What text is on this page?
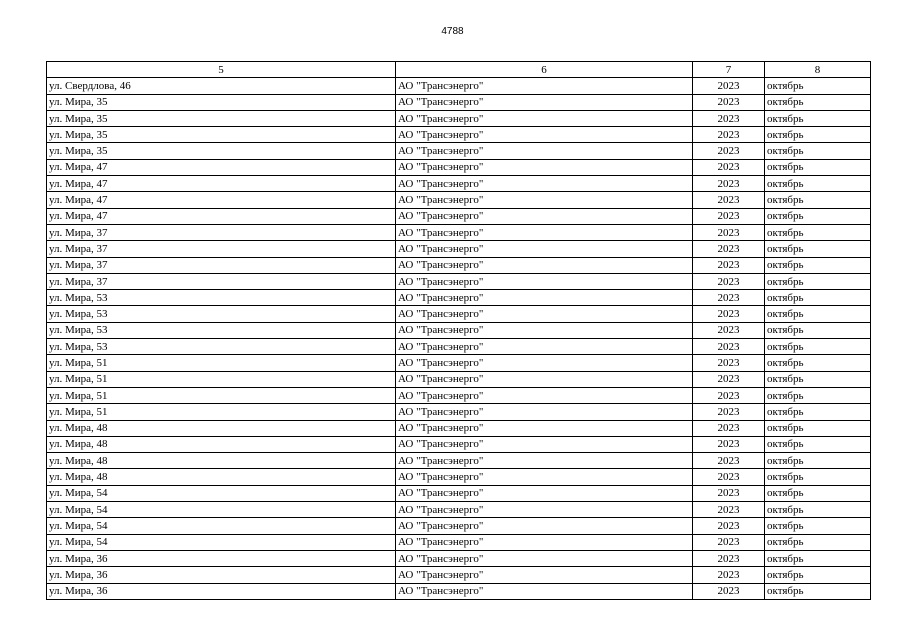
4788
5	6	7	8
ул. Свердлова, 46	АО "Трансэнерго"	2023	октябрь
ул. Мира, 35	АО "Трансэнерго"	2023	октябрь
ул. Мира, 35	АО "Трансэнерго"	2023	октябрь
ул. Мира, 35	АО "Трансэнерго"	2023	октябрь
ул. Мира, 35	АО "Трансэнерго"	2023	октябрь
ул. Мира, 47	АО "Трансэнерго"	2023	октябрь
ул. Мира, 47	АО "Трансэнерго"	2023	октябрь
ул. Мира, 47	АО "Трансэнерго"	2023	октябрь
ул. Мира, 47	АО "Трансэнерго"	2023	октябрь
ул. Мира, 37	АО "Трансэнерго"	2023	октябрь
ул. Мира, 37	АО "Трансэнерго"	2023	октябрь
ул. Мира, 37	АО "Трансэнерго"	2023	октябрь
ул. Мира, 37	АО "Трансэнерго"	2023	октябрь
ул. Мира, 53	АО "Трансэнерго"	2023	октябрь
ул. Мира, 53	АО "Трансэнерго"	2023	октябрь
ул. Мира, 53	АО "Трансэнерго"	2023	октябрь
ул. Мира, 53	АО "Трансэнерго"	2023	октябрь
ул. Мира, 51	АО "Трансэнерго"	2023	октябрь
ул. Мира, 51	АО "Трансэнерго"	2023	октябрь
ул. Мира, 51	АО "Трансэнерго"	2023	октябрь
ул. Мира, 51	АО "Трансэнерго"	2023	октябрь
ул. Мира, 48	АО "Трансэнерго"	2023	октябрь
ул. Мира, 48	АО "Трансэнерго"	2023	октябрь
ул. Мира, 48	АО "Трансэнерго"	2023	октябрь
ул. Мира, 48	АО "Трансэнерго"	2023	октябрь
ул. Мира, 54	АО "Трансэнерго"	2023	октябрь
ул. Мира, 54	АО "Трансэнерго"	2023	октябрь
ул. Мира, 54	АО "Трансэнерго"	2023	октябрь
ул. Мира, 54	АО "Трансэнерго"	2023	октябрь
ул. Мира, 36	АО "Трансэнерго"	2023	октябрь
ул. Мира, 36	АО "Трансэнерго"	2023	октябрь
ул. Мира, 36	АО "Трансэнерго"	2023	октябрь
